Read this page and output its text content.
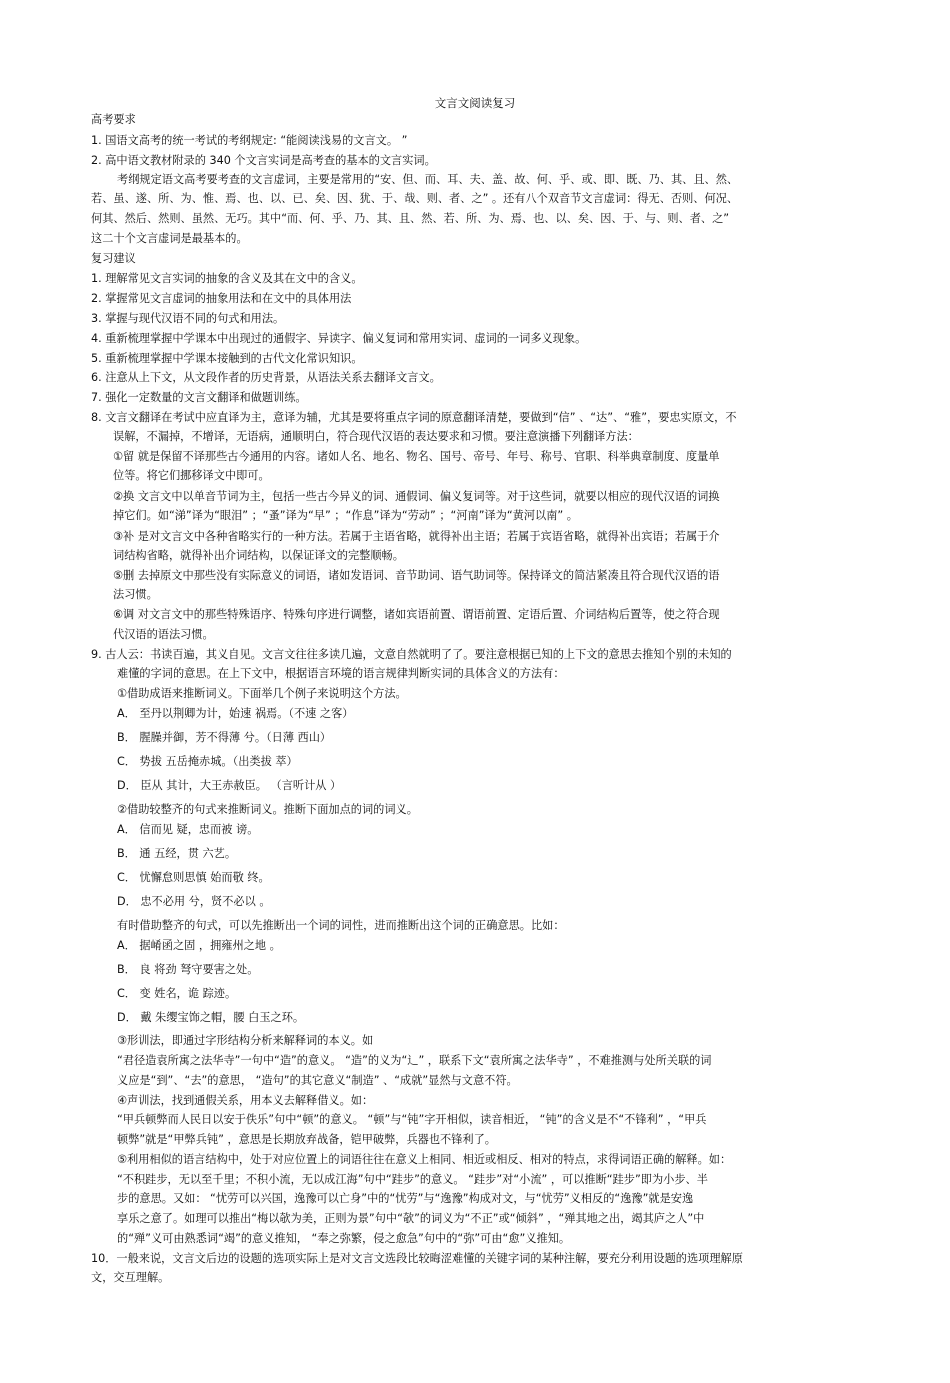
文言文阅读复习
高考要求
1. 国语文高考的统一考试的考纲规定: “能阅读浅易的文言文。 ”
2. 高中语文教材附录的 340 个文言实词是高考查的基本的文言实词。
考纲规定语文高考要考查的文言虚词，主要是常用的“安、但、而、耳、夫、盖、故、何、乎、或、即、既、乃、其、且、然、
若、虽、遂、所、为、惟、焉、也、以、已、矣、因、犹、于、哉、则、者、之” 。还有八个双音节文言虚词：得无、否则、何况、
何其、然后、然则、虽然、无巧。其中“而、何、乎、乃、其、且、然、若、所、为、焉、也、以、矣、因、于、与、则、者、之”
这二十个文言虚词是最基本的。
复习建议
1. 理解常见文言实词的抽象的含义及其在文中的含义。
2. 掌握常见文言虚词的抽象用法和在文中的具体用法
3. 掌握与现代汉语不同的句式和用法。
4. 重新梳理掌握中学课本中出现过的通假字、异读字、偏义复词和常用实词、虚词的一词多义现象。
5. 重新梳理掌握中学课本接触到的古代文化常识知识。
6. 注意从上下文，从文段作者的历史背景，从语法关系去翻译文言文。
7. 强化一定数量的文言文翻译和做题训练。
8. 文言文翻译在考试中应直译为主，意译为辅，尤其是要将重点字词的原意翻译清楚，要做到“信” 、“达”、“雅”，要忠实原文，不
误解，不漏掉，不增译，无语病，通顺明白，符合现代汉语的表达要求和习惯。要注意演播下列翻译方法：
①留 就是保留不译那些古今通用的内容。诸如人名、地名、物名、国号、帝号、年号、称号、官职、科举典章制度、度量单
位等。将它们挪移译文中即可。
②换 文言文中以单音节词为主，包括一些古今异义的词、通假词、偏义复词等。对于这些词，就要以相应的现代汉语的词换
掉它们。如“涕”译为“眼泪” ；“蚤”译为“早” ；“作息”译为“劳动” ；“河南”译为“黄河以南” 。
③补 是对文言文中各种省略实行的一种方法。若属于主语省略，就得补出主语；若属于宾语省略，就得补出宾语；若属于介
词结构省略，就得补出介词结构，以保证译文的完整顺畅。
⑤删 去掉原文中那些没有实际意义的词语，诸如发语词、音节助词、语气助词等。保持译文的简洁紧凑且符合现代汉语的语
法习惯。
⑥调 对文言文中的那些特殊语序、特殊句序进行调整，诸如宾语前置、谓语前置、定语后置、介词结构后置等，使之符合现
代汉语的语法习惯。
9. 古人云：书读百遍，其义自见。文言文往往多读几遍，文意自然就明了了。要注意根据已知的上下文的意思去推知个别的未知的
难懂的字词的意思。在上下文中，根据语言环境的语言规律判断实词的具体含义的方法有：
①借助成语来推断词义。下面举几个例子来说明这个方法。
A． 至丹以荆卿为计，始速 祸焉。（不速 之客）
B． 腥臊并御，芳不得薄 兮。（日薄 西山）
C． 势拔 五岳掩赤城。（出类拔 萃）
D． 臣从 其计，大王赤赦臣。 （言听计从 ）
②借助较整齐的句式来推断词义。推断下面加点的词的词义。
A． 信而见 疑，忠而被 谤。
B． 通 五经，贯 六艺。
C． 忧懈怠则思慎 始而敬 终。
D． 忠不必用 兮，贤不必以 。
有时借助整齐的句式，可以先推断出一个词的词性，进而推断出这个词的正确意思。比如：
A． 据崤函之固 ，拥雍州之地 。
B． 良 将劲 弩守要害之处。
C． 变 姓名，诡 踪迹。
D． 戴 朱缨宝饰之帽，腰 白玉之环。
③形训法，即通过字形结构分析来解释词的本义。如
“君径造袁所寓之法华寺”一句中“造”的意义。 “造”的义为“辶” ，联系下文“袁所寓之法华寺” ，不难推测与处所关联的词
义应是“到”、“去”的意思， “造句”的其它意义“制造” 、“成就”显然与文意不符。
④声训法，找到通假关系，用本义去解释借义。如：
“甲兵顿弊而人民日以安于佚乐”句中“顿”的意义。 “顿”与“钝”字开相似，读音相近， “钝”的含义是不“不锋利” ，“甲兵
顿弊”就是“甲弊兵钝” ，意思是长期放弃战备，铠甲破弊，兵器也不锋利了。
⑤利用相似的语言结构中，处于对应位置上的词语往往在意义上相同、相近或相反、相对的特点，求得词语正确的解释。如：
“不积跬步，无以至千里；不积小流，无以成江海”句中“跬步”的意义。 “跬步”对“小流” ，可以推断“跬步”即为小步、半
步的意思。又如： “忧劳可以兴国，逸豫可以亡身”中的“忧劳”与“逸豫”构成对文，与“忧劳”义相反的“逸豫”就是安逸
享乐之意了。如理可以推出“梅以欹为美，正则为景”句中“欹”的词义为“不正”或“倾斜” ，“殚其地之出，竭其庐之人”中
的“殚”义可由熟悉词“竭”的意义推知， “奉之弥繁，侵之愈急”句中的“弥”可由“愈”义推知。
10．一般来说，文言文后边的设题的选项实际上是对文言文选段比较晦涩难懂的关键字词的某种注解，要充分利用设题的选项理解原
文，交互理解。
